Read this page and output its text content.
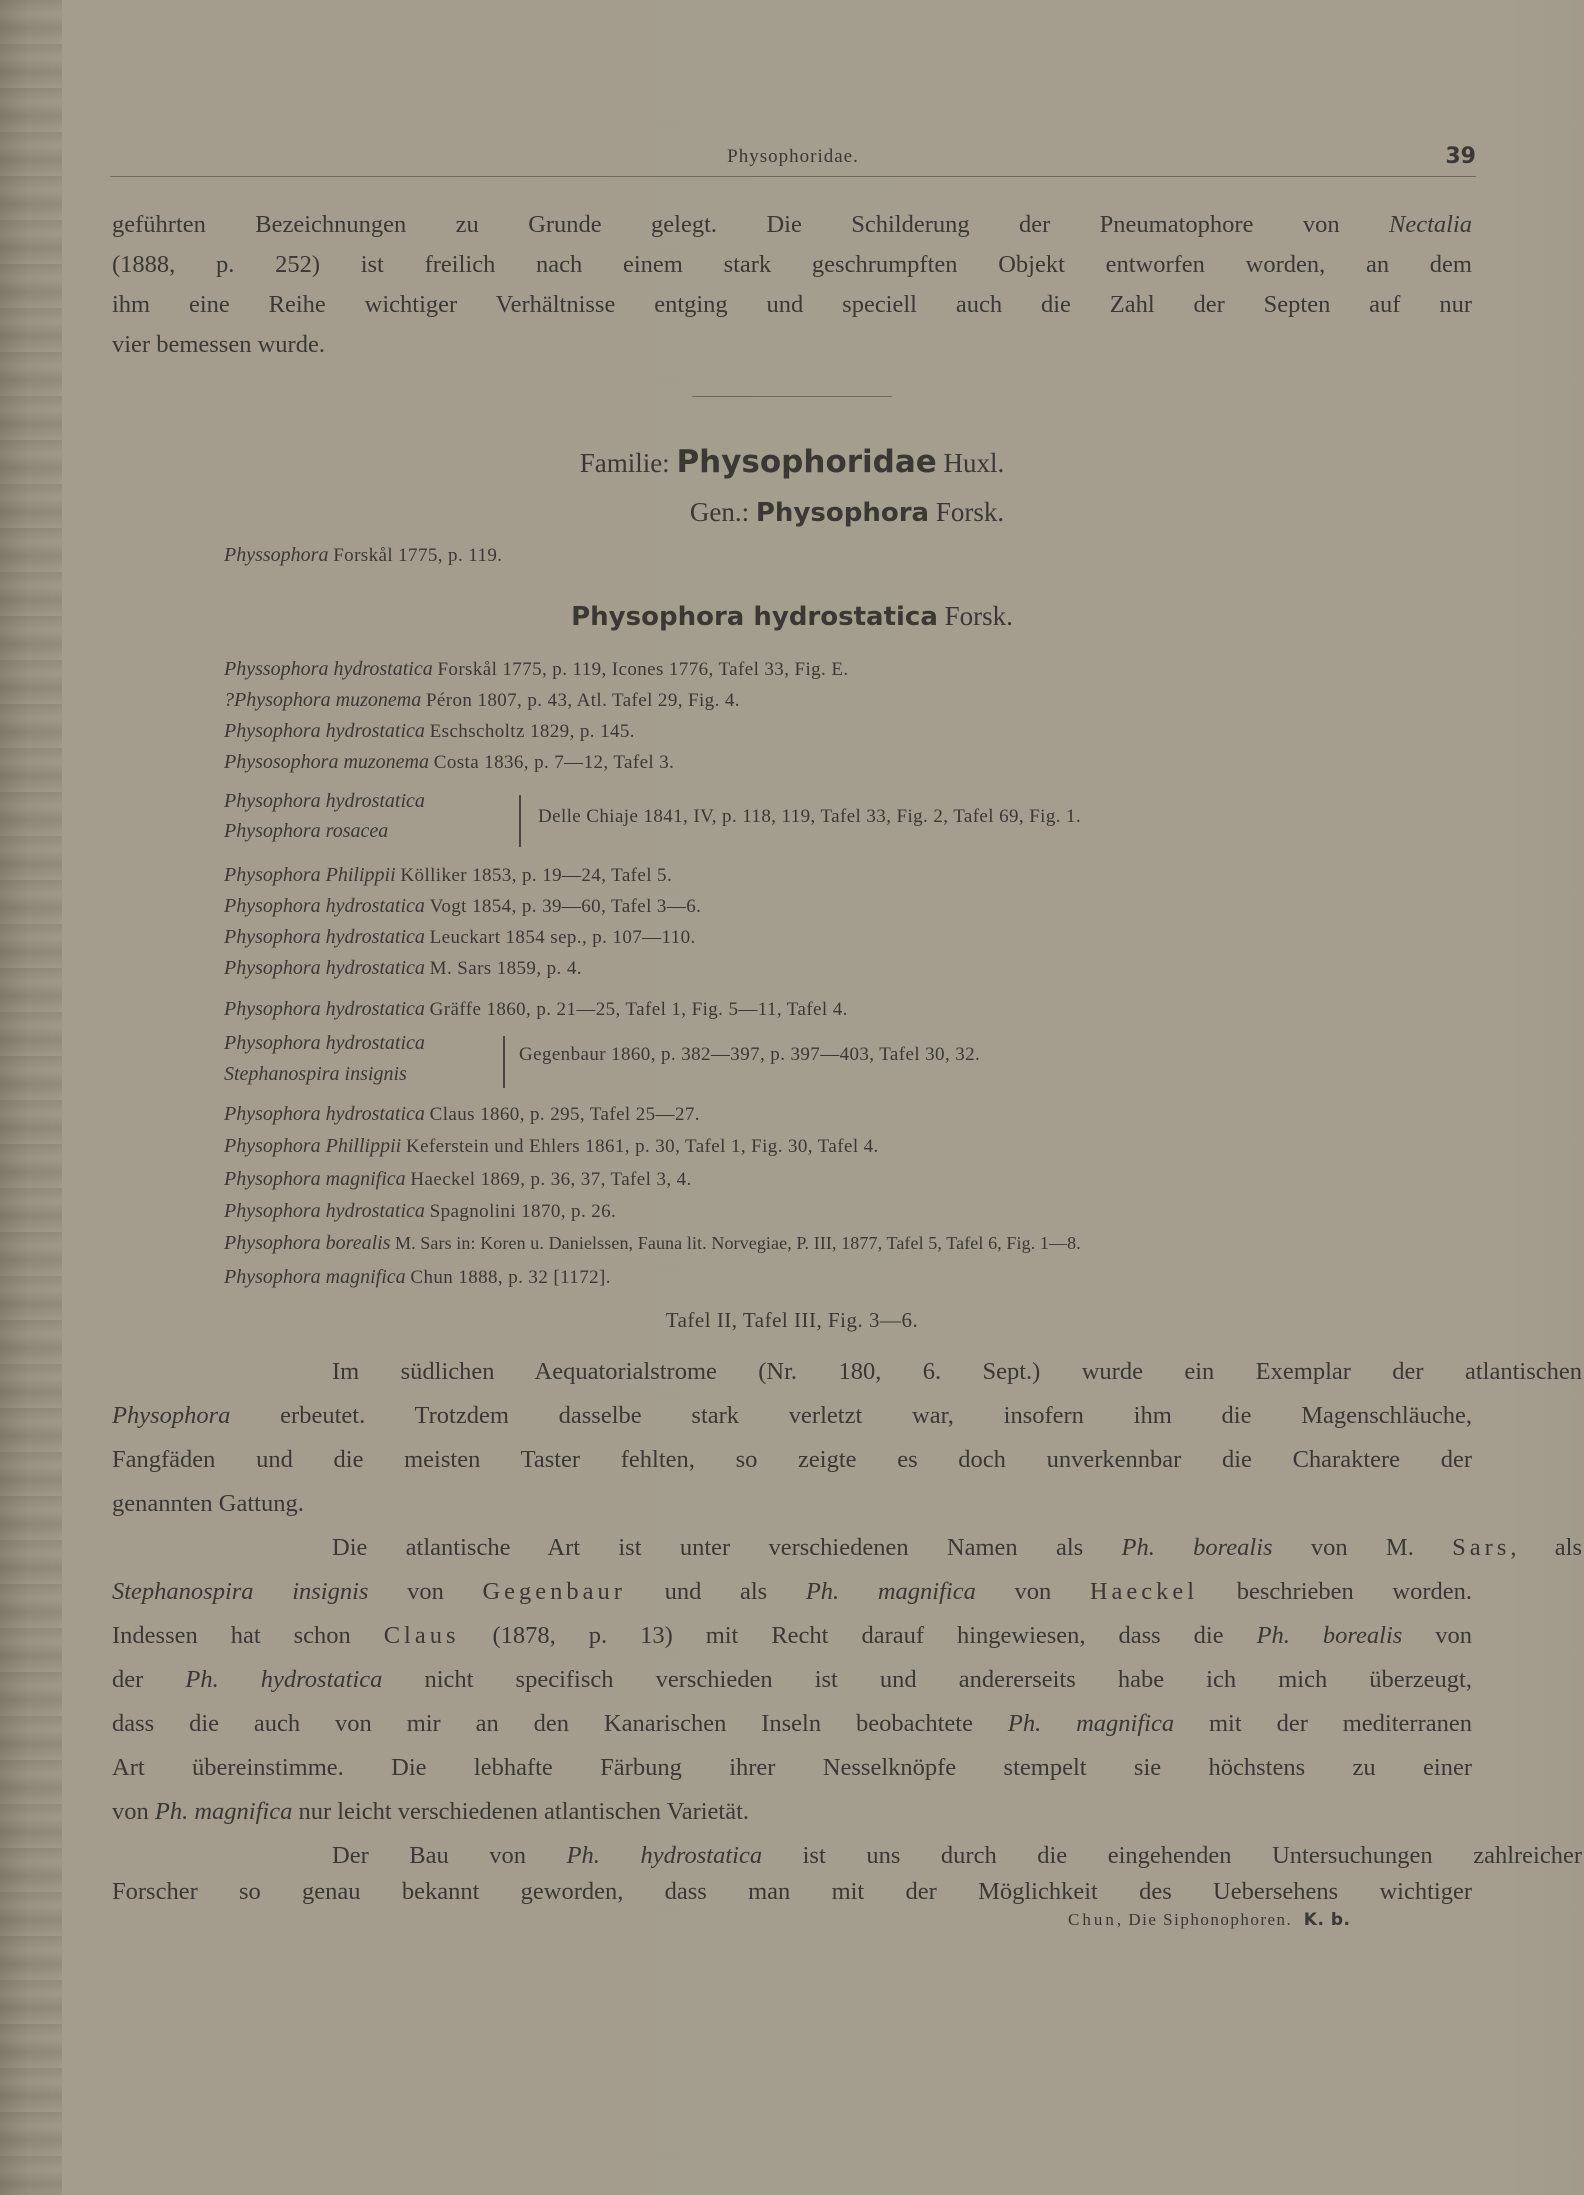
Physophoridae.	39
geführten Bezeichnungen zu Grunde gelegt. Die Schilderung der Pneumatophore von Nectalia
(1888, p. 252) ist freilich nach einem stark geschrumpften Objekt entworfen worden, an dem
ihm eine Reihe wichtiger Verhältnisse entging und speciell auch die Zahl der Septen auf nur
vier bemessen wurde.
Familie: Physophoridae Huxl.
Gen.: Physophora Forsk.
Physsophora Forskål 1775, p. 119.
Physophora hydrostatica Forsk.
Physsophora hydrostatica Forskål 1775, p. 119, Icones 1776, Tafel 33, Fig. E.
?Physophora muzonema Péron 1807, p. 43, Atl. Tafel 29, Fig. 4.
Physophora hydrostatica Eschscholtz 1829, p. 145.
Physosophora muzonema Costa 1836, p. 7—12, Tafel 3.
Physophora hydrostatica
Physophora rosacea
Delle Chiaje 1841, IV, p. 118, 119, Tafel 33, Fig. 2, Tafel 69, Fig. 1.
Physophora Philippii Kölliker 1853, p. 19—24, Tafel 5.
Physophora hydrostatica Vogt 1854, p. 39—60, Tafel 3—6.
Physophora hydrostatica Leuckart 1854 sep., p. 107—110.
Physophora hydrostatica M. Sars 1859, p. 4.
Physophora hydrostatica Gräffe 1860, p. 21—25, Tafel 1, Fig. 5—11, Tafel 4.
Physophora hydrostatica
Stephanospira insignis
Gegenbaur 1860, p. 382—397, p. 397—403, Tafel 30, 32.
Physophora hydrostatica Claus 1860, p. 295, Tafel 25—27.
Physophora Phillippii Keferstein und Ehlers 1861, p. 30, Tafel 1, Fig. 30, Tafel 4.
Physophora magnifica Haeckel 1869, p. 36, 37, Tafel 3, 4.
Physophora hydrostatica Spagnolini 1870, p. 26.
Physophora borealis M. Sars in: Koren u. Danielssen, Fauna lit. Norvegiae, P. III, 1877, Tafel 5, Tafel 6, Fig. 1—8.
Physophora magnifica Chun 1888, p. 32 [1172].
Tafel II, Tafel III, Fig. 3—6.
Im südlichen Aequatorialstrome (Nr. 180, 6. Sept.) wurde ein Exemplar der atlantischen
Physophora erbeutet. Trotzdem dasselbe stark verletzt war, insofern ihm die Magenschläuche,
Fangfäden und die meisten Taster fehlten, so zeigte es doch unverkennbar die Charaktere der
genannten Gattung.
Die atlantische Art ist unter verschiedenen Namen als Ph. borealis von M. Sars, als
Stephanospira insignis von Gegenbaur und als Ph. magnifica von Haeckel beschrieben worden.
Indessen hat schon Claus (1878, p. 13) mit Recht darauf hingewiesen, dass die Ph. borealis von
der Ph. hydrostatica nicht specifisch verschieden ist und andererseits habe ich mich überzeugt,
dass die auch von mir an den Kanarischen Inseln beobachtete Ph. magnifica mit der mediterranen
Art übereinstimme. Die lebhafte Färbung ihrer Nesselknöpfe stempelt sie höchstens zu einer
von Ph. magnifica nur leicht verschiedenen atlantischen Varietät.
Der Bau von Ph. hydrostatica ist uns durch die eingehenden Untersuchungen zahlreicher
Forscher so genau bekannt geworden, dass man mit der Möglichkeit des Uebersehens wichtiger
Chun, Die Siphonophoren. K. b.
